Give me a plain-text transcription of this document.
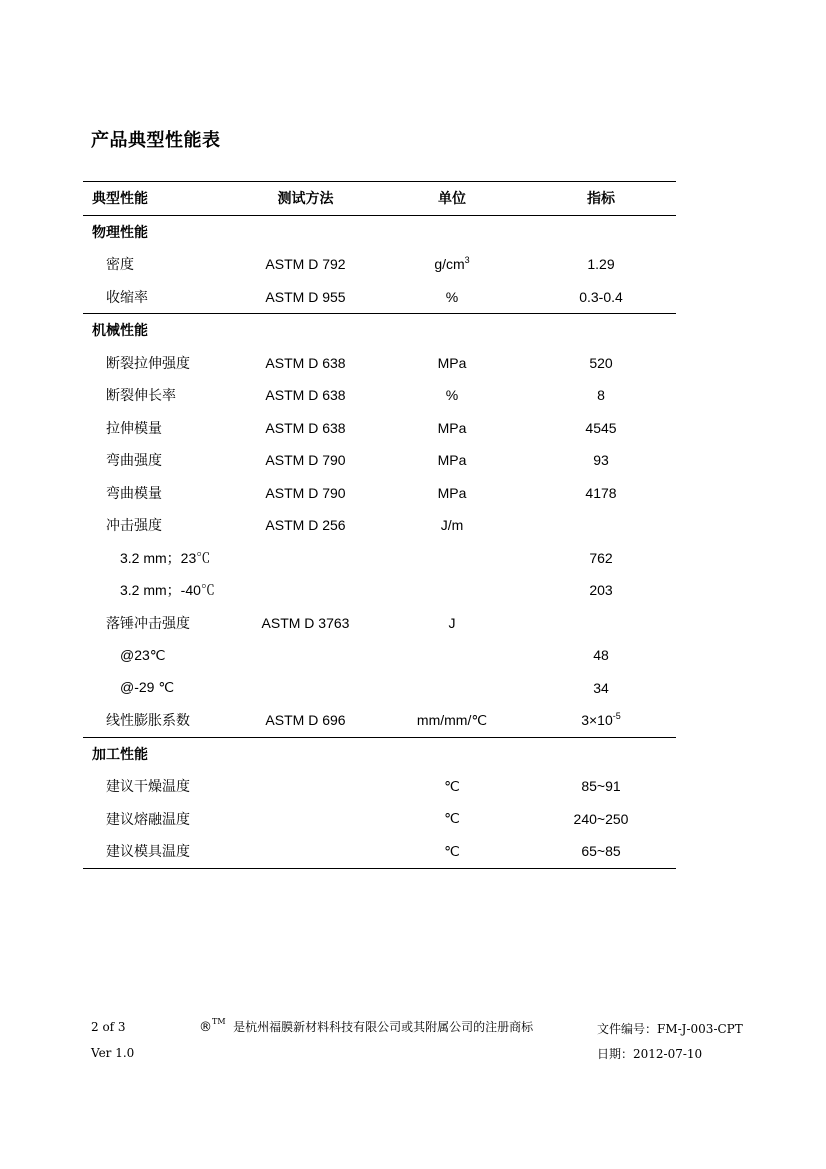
产品典型性能表
典型性能	测试方法	单位	指标
物理性能			
密度	ASTM D 792	$g/cm^3$	1.29
收缩率	ASTM D 955	%	0.3-0.4
机械性能			
断裂拉伸强度	ASTM D 638	MPa	520
断裂伸长率	ASTM D 638	%	8
拉伸模量	ASTM D 638	MPa	4545
弯曲强度	ASTM D 790	MPa	93
弯曲模量	ASTM D 790	MPa	4178
冲击强度	ASTM D 256	J/m	
3.2 mm；23℃			762
3.2 mm；-40℃			203
落锤冲击强度	ASTM D 3763	J	
@23℃			48
@-29 ℃			34
线性膨胀系数	ASTM D 696	mm/mm/℃	$3\times 10^{-5}$
加工性能			
建议干燥温度		℃	85~91
建议熔融温度		℃	240~250
建议模具温度		℃	65~85
2 of 3	®™ 是杭州福膜新材料科技有限公司或其附属公司的注册商标	文件编号：FM-J-003-CPT
Ver 1.0	日期：2012-07-10
